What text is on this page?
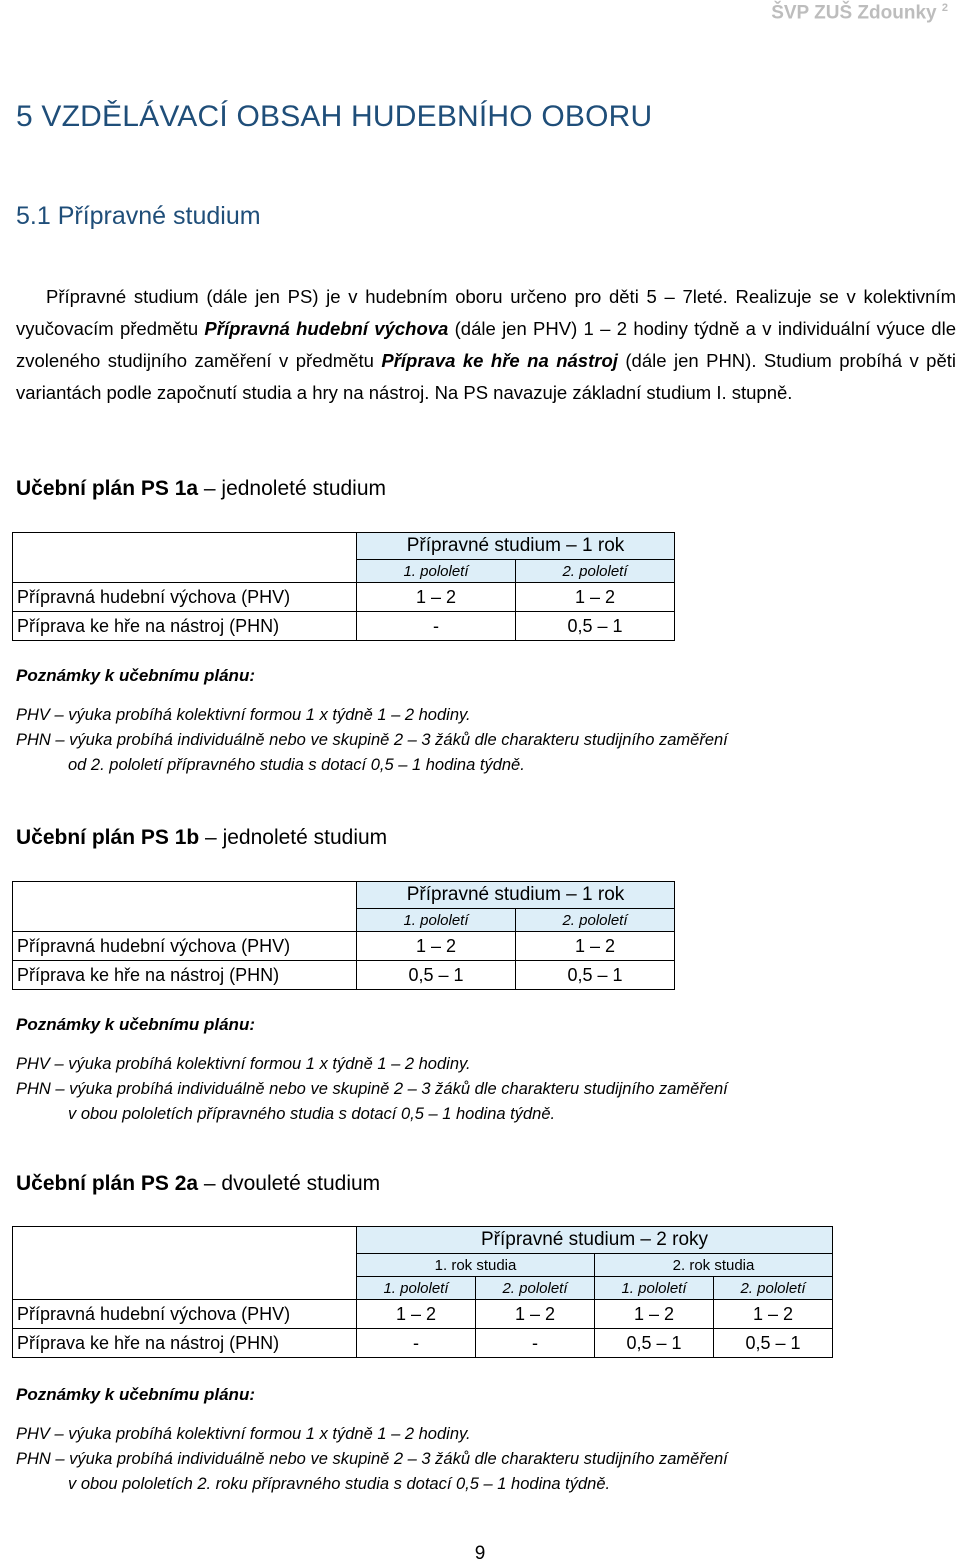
ŠVP ZUŠ Zdounky $^2$
5 VZDĚLÁVACÍ OBSAH HUDEBNÍHO OBORU
5.1 Přípravné studium
Přípravné studium (dále jen PS) je v hudebním oboru určeno pro děti 5 – 7leté. Realizuje se v kolektivním vyučovacím předmětu Přípravná hudební výchova (dále jen PHV) 1 – 2 hodiny týdně a v individuální výuce dle zvoleného studijního zaměření v předmětu Příprava ke hře na nástroj (dále jen PHN). Studium probíhá v pěti variantách podle započnutí studia a hry na nástroj. Na PS navazuje základní studium I. stupně.
Učební plán PS 1a – jednoleté studium
	Přípravné studium – 1 rok	
	1. pololetí	2. pololetí
Přípravná hudební výchova (PHV)	1 – 2	1 – 2
Příprava ke hře na nástroj (PHN)	-	0,5 – 1
Poznámky k učebnímu plánu:
PHV – výuka probíhá kolektivní formou 1 x týdně 1 – 2 hodiny.
PHN – výuka probíhá individuálně nebo ve skupině 2 – 3 žáků dle charakteru studijního zaměření
od 2. pololetí přípravného studia s dotací 0,5 – 1 hodina týdně.
Učební plán PS 1b – jednoleté studium
	Přípravné studium – 1 rok	
	1. pololetí	2. pololetí
Přípravná hudební výchova (PHV)	1 – 2	1 – 2
Příprava ke hře na nástroj (PHN)	0,5 – 1	0,5 – 1
Poznámky k učebnímu plánu:
PHV – výuka probíhá kolektivní formou 1 x týdně 1 – 2 hodiny.
PHN – výuka probíhá individuálně nebo ve skupině 2 – 3 žáků dle charakteru studijního zaměření
v obou pololetích přípravného studia s dotací 0,5 – 1 hodina týdně.
Učební plán PS 2a – dvouleté studium
	Přípravné studium – 2 roky			
	1. rok studia		2. rok studia	
	1. pololetí	2. pololetí	1. pololetí	2. pololetí
Přípravná hudební výchova (PHV)	1 – 2	1 – 2	1 – 2	1 – 2
Příprava ke hře na nástroj (PHN)	-	-	0,5 – 1	0,5 – 1
Poznámky k učebnímu plánu:
PHV – výuka probíhá kolektivní formou 1 x týdně 1 – 2 hodiny.
PHN – výuka probíhá individuálně nebo ve skupině 2 – 3 žáků dle charakteru studijního zaměření
v obou pololetích 2. roku přípravného studia s dotací 0,5 – 1 hodina týdně.
9
